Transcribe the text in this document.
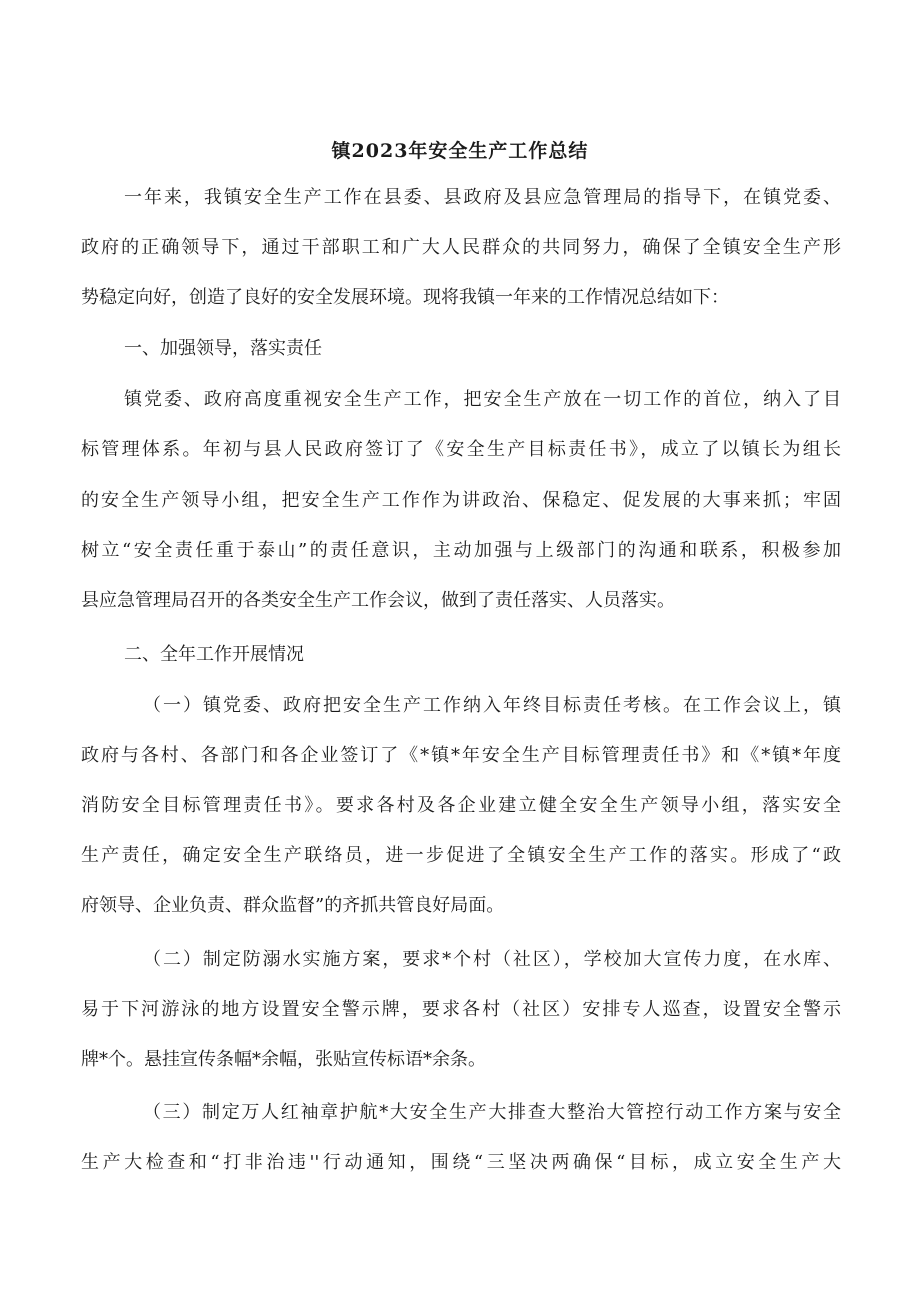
镇2023年安全生产工作总结
一年来，我镇安全生产工作在县委、县政府及县应急管理局的指导下，在镇党委、
政府的正确领导下，通过干部职工和广大人民群众的共同努力，确保了全镇安全生产形
势稳定向好，创造了良好的安全发展环境。现将我镇一年来的工作情况总结如下：
一、加强领导，落实责任
镇党委、政府高度重视安全生产工作，把安全生产放在一切工作的首位，纳入了目
标管理体系。年初与县人民政府签订了《安全生产目标责任书》，成立了以镇长为组长
的安全生产领导小组，把安全生产工作作为讲政治、保稳定、促发展的大事来抓；牢固
树立“安全责任重于泰山”的责任意识，主动加强与上级部门的沟通和联系，积极参加
县应急管理局召开的各类安全生产工作会议，做到了责任落实、人员落实。
二、全年工作开展情况
（一）镇党委、政府把安全生产工作纳入年终目标责任考核。在工作会议上，镇
政府与各村、各部门和各企业签订了《*镇*年安全生产目标管理责任书》和《*镇*年度
消防安全目标管理责任书》。要求各村及各企业建立健全安全生产领导小组，落实安全
生产责任，确定安全生产联络员，进一步促进了全镇安全生产工作的落实。形成了“政
府领导、企业负责、群众监督”的齐抓共管良好局面。
（二）制定防溺水实施方案，要求*个村（社区），学校加大宣传力度，在水库、
易于下河游泳的地方设置安全警示牌，要求各村（社区）安排专人巡查，设置安全警示
牌*个。悬挂宣传条幅*余幅，张贴宣传标语*余条。
（三）制定万人红袖章护航*大安全生产大排查大整治大管控行动工作方案与安全
生产大检查和“打非治违''行动通知，围绕“三坚决两确保“目标，成立安全生产大
